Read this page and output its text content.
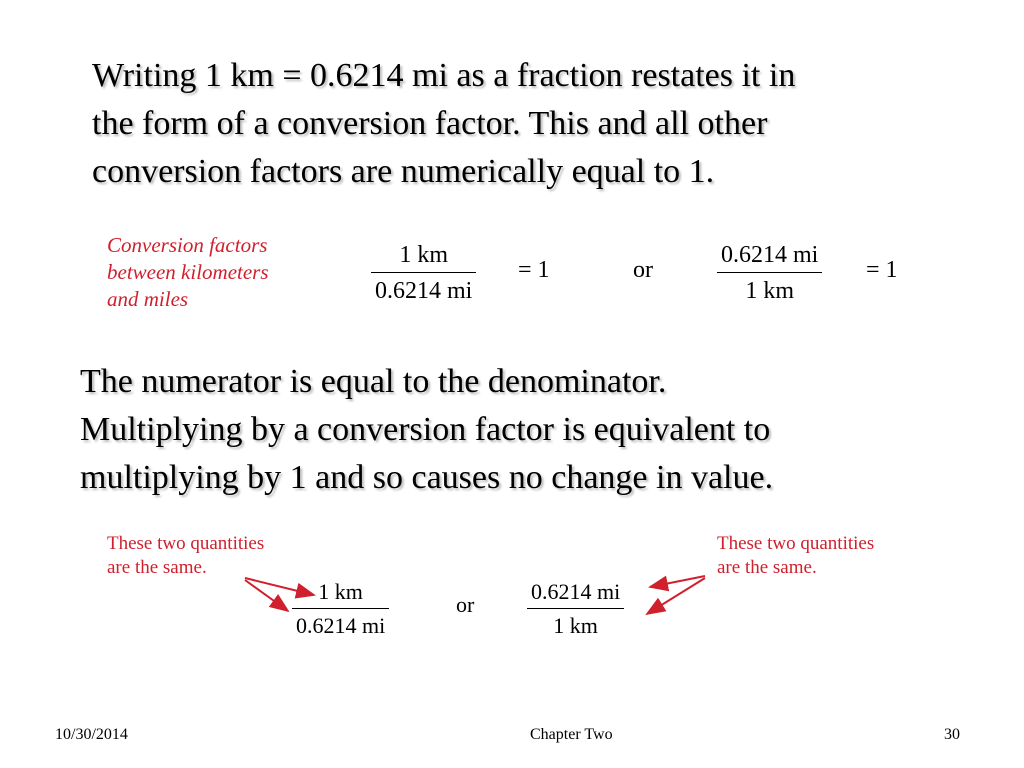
Writing 1 km = 0.6214 mi as a fraction restates it in
the form of a conversion factor. This and all other
conversion factors are numerically equal to 1.
Conversion factors
between kilometers
and miles
1 km
0.6214 mi
= 1	or
0.6214 mi
1 km
= 1
The numerator is equal to the denominator.
Multiplying by a conversion factor is equivalent to
multiplying by 1 and so causes no change in value.
These two quantities
are the same.
These two quantities
are the same.
1 km
0.6214 mi
or
0.6214 mi
1 km
10/30/2014	Chapter Two	30
